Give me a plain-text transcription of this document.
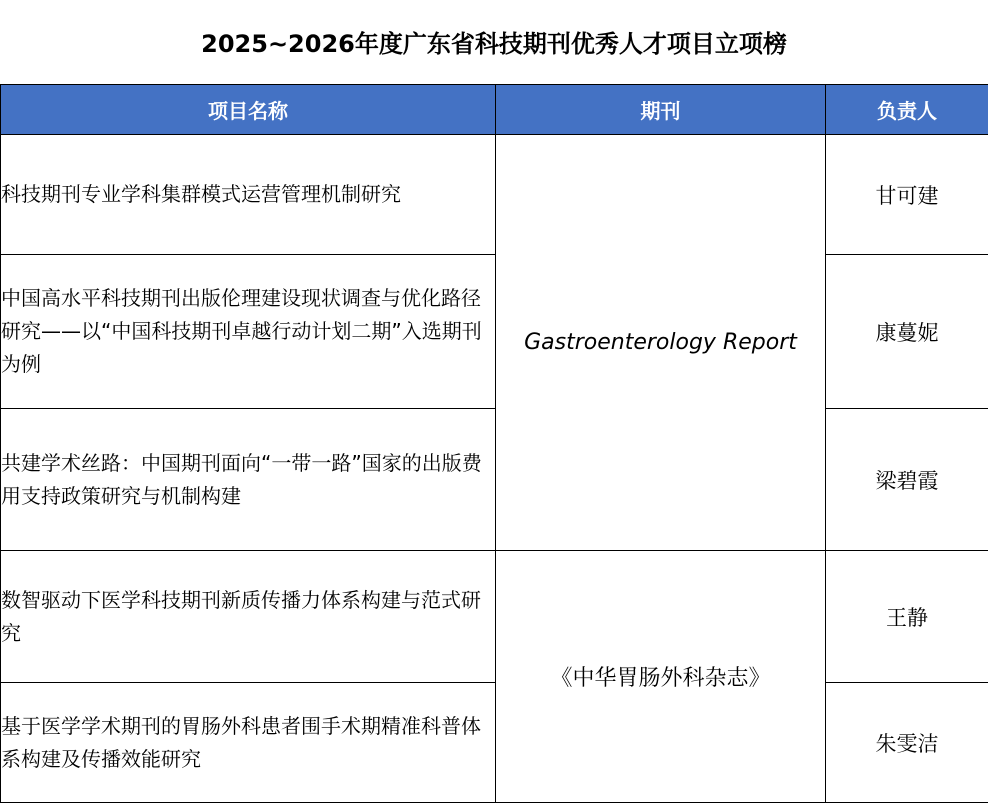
2025~2026年度广东省科技期刊优秀人才项目立项榜
项目名称	期刊	负责人
科技期刊专业学科集群模式运营管理机制研究	Gastroenterology Report	甘可建
中国高水平科技期刊出版伦理建设现状调查与优化路径研究——以“中国科技期刊卓越行动计划二期”入选期刊为例		康蔓妮
共建学术丝路：中国期刊面向“一带一路”国家的出版费用支持政策研究与机制构建		梁碧霞
数智驱动下医学科技期刊新质传播力体系构建与范式研究	《中华胃肠外科杂志》	王静
基于医学学术期刊的胃肠外科患者围手术期精准科普体系构建及传播效能研究		朱雯洁
